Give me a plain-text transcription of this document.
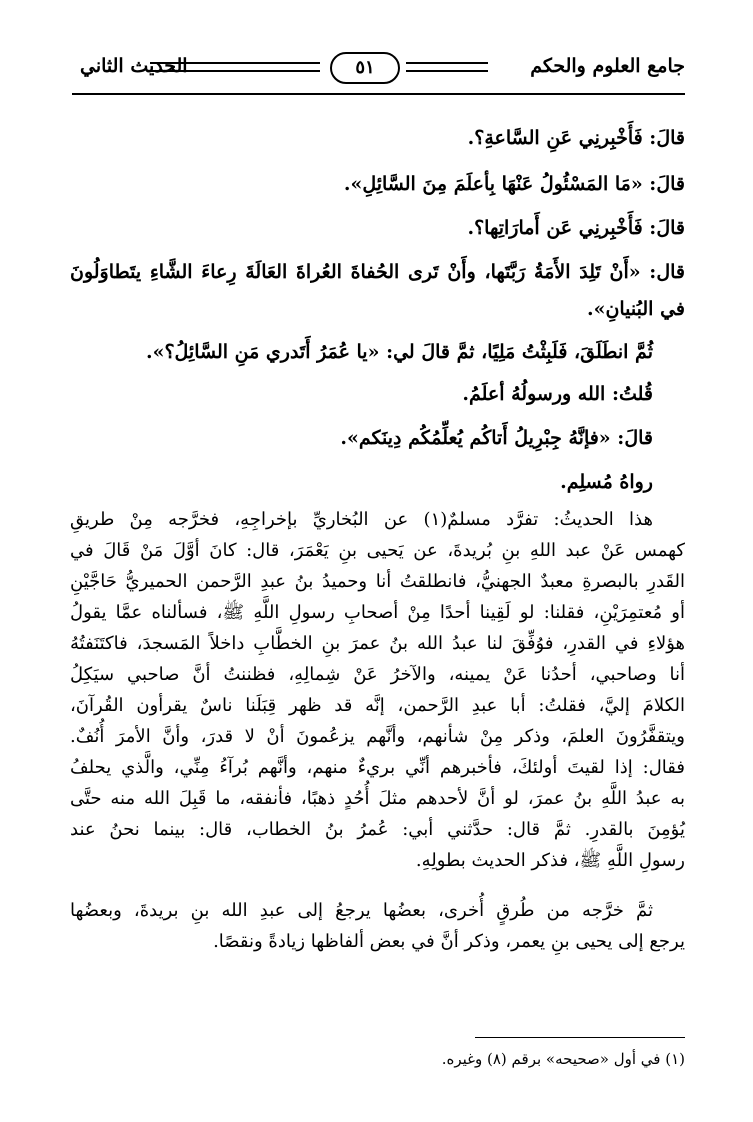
جامع العلوم والحكم
٥١
الحديث الثاني
قالَ: فَأَخْبِرنِي عَنِ السَّاعةِ؟.
قالَ: «مَا المَسْئُولُ عَنْهَا بِأعلَمَ مِنَ السَّائِلِ».
قالَ: فَأَخْبِرنِي عَن أَمارَاتِها؟.
قال: «أَنْ تَلِدَ الأَمَةُ رَبَّتَها، وأَنْ تَرى الحُفاةَ العُراةَ العَالَةَ رِعاءَ الشَّاءِ يتَطاوَلُونَ
في البُنيانِ».
ثُمَّ انطَلَقَ، فَلَبِثْتُ مَلِيًا، ثمَّ قالَ لي: «يا عُمَرُ أَتَدري مَنِ السَّائِلُ؟».
قُلتُ: الله ورسولُهُ أعلَمُ.
قالَ: «فإنَّهُ جِبْرِيلُ أَتاكُم يُعلِّمُكُم دِينَكم».
رواهُ مُسلِم.
هذا الحديثُ: تفرَّد مسلمٌ(١) عن البُخاريِّ بإخراجِهِ، فخرَّجه مِنْ طريقِ
كهمس عَنْ عبد اللهِ بنِ بُريدةَ، عن يَحيى بنِ يَعْمَرَ، قال: كانَ أوَّلَ مَنْ قَالَ في
القَدرِ بالبصرةِ معبدٌ الجهنيُّ، فانطلقتُ أنا وحميدُ بنُ عبدِ الرَّحمن الحميريُّ حَاجَّيْنِ
أو مُعتمِرَيْنِ، فقلنا: لو لَقِينا أحدًا مِنْ أصحابِ رسولِ اللَّهِ ﷺ، فسألناه عمَّا يقولُ
هؤلاءِ في القدرِ، فوُفِّقَ لنا عبدُ الله بنُ عمرَ بنِ الخطَّابِ داخلاً المَسجدَ، فاكتَنَفتُهُ
أنا وصاحبي، أحدُنا عَنْ يمينه، والآخرُ عَنْ شِمالِهِ، فظننتُ أنَّ صاحبي سيَكِلُ
الكلامَ إليَّ، فقلتُ: أبا عبدِ الرَّحمن، إنَّه قد ظهر قِبَلَنا ناسٌ يقرأون القُرآنَ،
ويتقفَّرُونَ العلمَ، وذكر مِنْ شأنهم، وأنَّهم يزعُمونَ أنْ لا قدرَ، وأنَّ الأمرَ أُنُفٌ.
فقال: إذا لقيتَ أولئكَ، فأخبرهم أنِّي بريءٌ منهم، وأنَّهم بُرآءُ مِنِّي، والَّذي يحلفُ
به عبدُ اللَّهِ بنُ عمرَ، لو أنَّ لأحدهم مثلَ أُحُدٍ ذهبًا، فأنفقه، ما قَبِلَ الله منه حتَّى
يُؤمِنَ بالقدرِ. ثمَّ قال: حدَّثني أبي: عُمرُ بنُ الخطاب، قال: بينما نحنُ عند
رسولِ اللَّهِ ﷺ، فذكر الحديث بطولِهِ.
ثمَّ خرَّجه من طُرقٍ أُخرى، بعضُها يرجعُ إلى عبدِ الله بنِ بريدةَ، وبعضُها
يرجع إلى يحيى بنِ يعمر، وذكر أنَّ في بعض ألفاظها زيادةً ونقصًا.
(١) في أول «صحيحه» برقم (٨) وغيره.
